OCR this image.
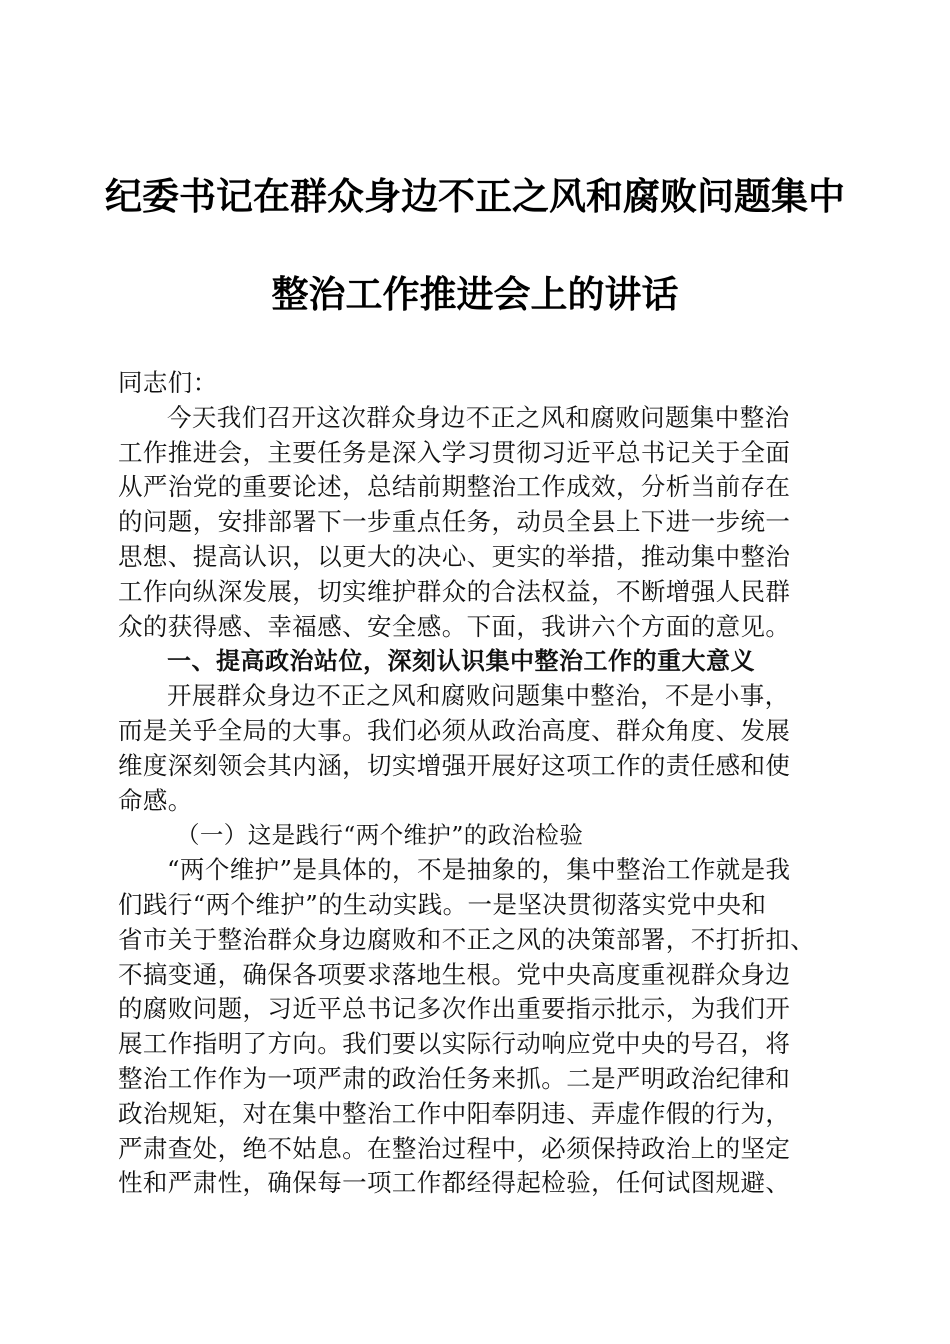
纪委书记在群众身边不正之风和腐败问题集中
整治工作推进会上的讲话
同志们：
今天我们召开这次群众身边不正之风和腐败问题集中整治
工作推进会，主要任务是深入学习贯彻习近平总书记关于全面
从严治党的重要论述，总结前期整治工作成效，分析当前存在
的问题，安排部署下一步重点任务，动员全县上下进一步统一
思想、提高认识，以更大的决心、更实的举措，推动集中整治
工作向纵深发展，切实维护群众的合法权益，不断增强人民群
众的获得感、幸福感、安全感。下面，我讲六个方面的意见。
一、提高政治站位，深刻认识集中整治工作的重大意义
开展群众身边不正之风和腐败问题集中整治，不是小事，
而是关乎全局的大事。我们必须从政治高度、群众角度、发展
维度深刻领会其内涵，切实增强开展好这项工作的责任感和使
命感。
（一）这是践行“两个维护”的政治检验
“两个维护”是具体的，不是抽象的，集中整治工作就是我
们践行“两个维护”的生动实践。一是坚决贯彻落实党中央和
省市关于整治群众身边腐败和不正之风的决策部署，不打折扣、
不搞变通，确保各项要求落地生根。党中央高度重视群众身边
的腐败问题，习近平总书记多次作出重要指示批示，为我们开
展工作指明了方向。我们要以实际行动响应党中央的号召，将
整治工作作为一项严肃的政治任务来抓。二是严明政治纪律和
政治规矩，对在集中整治工作中阳奉阴违、弄虚作假的行为，
严肃查处，绝不姑息。在整治过程中，必须保持政治上的坚定
性和严肃性，确保每一项工作都经得起检验，任何试图规避、
